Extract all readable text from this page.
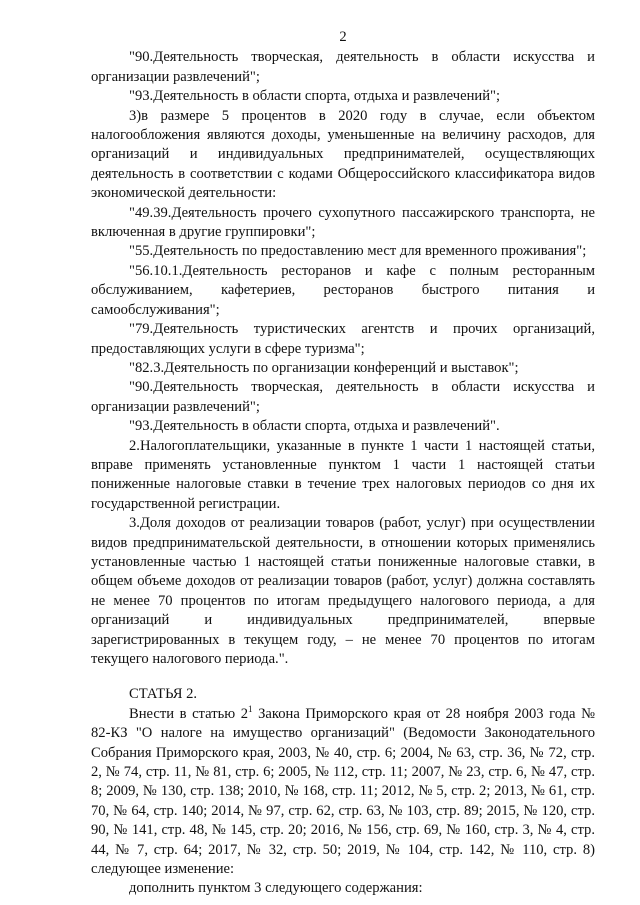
2

"90.Деятельность творческая, деятельность в области искусства и организации развлечений";

"93.Деятельность в области спорта, отдыха и развлечений";

3)в размере 5 процентов в 2020 году в случае, если объектом налогообложения являются доходы, уменьшенные на величину расходов, для организаций и индивидуальных предпринимателей, осуществляющих деятельность в соответствии с кодами Общероссийского классификатора видов экономической деятельности:

"49.39.Деятельность прочего сухопутного пассажирского транспорта, не включенная в другие группировки";

"55.Деятельность по предоставлению мест для временного проживания";

"56.10.1.Деятельность ресторанов и кафе с полным ресторанным обслуживанием, кафетериев, ресторанов быстрого питания и самообслуживания";

"79.Деятельность туристических агентств и прочих организаций, предоставляющих услуги в сфере туризма";

"82.3.Деятельность по организации конференций и выставок";

"90.Деятельность творческая, деятельность в области искусства и организации развлечений";

"93.Деятельность в области спорта, отдыха и развлечений".

2.Налогоплательщики, указанные в пункте 1 части 1 настоящей статьи, вправе применять установленные пунктом 1 части 1 настоящей статьи пониженные налоговые ставки в течение трех налоговых периодов со дня их государственной регистрации.

3.Доля доходов от реализации товаров (работ, услуг) при осуществлении видов предпринимательской деятельности, в отношении которых применялись установленные частью 1 настоящей статьи пониженные налоговые ставки, в общем объеме доходов от реализации товаров (работ, услуг) должна составлять не менее 70 процентов по итогам предыдущего налогового периода, а для организаций и индивидуальных предпринимателей, впервые зарегистрированных в текущем году, – не менее 70 процентов по итогам текущего налогового периода.".

СТАТЬЯ 2.

Внести в статью $2^1$ Закона Приморского края от 28 ноября 2003 года № 82-КЗ "О налоге на имущество организаций" (Ведомости Законодательного Собрания Приморского края, 2003, № 40, стр. 6; 2004, № 63, стр. 36, № 72, стр. 2, № 74, стр. 11, № 81, стр. 6; 2005, № 112, стр. 11; 2007, № 23, стр. 6, № 47, стр. 8; 2009, № 130, стр. 138; 2010, № 168, стр. 11; 2012, № 5, стр. 2; 2013, № 61, стр. 70, № 64, стр. 140; 2014, № 97, стр. 62, стр. 63, № 103, стр. 89; 2015, № 120, стр. 90, № 141, стр. 48, № 145, стр. 20; 2016, № 156, стр. 69, № 160, стр. 3, № 4, стр. 44, № 7, стр. 64; 2017, № 32, стр. 50; 2019, № 104, стр. 142, № 110, стр. 8) следующее изменение:

дополнить пунктом 3 следующего содержания:
